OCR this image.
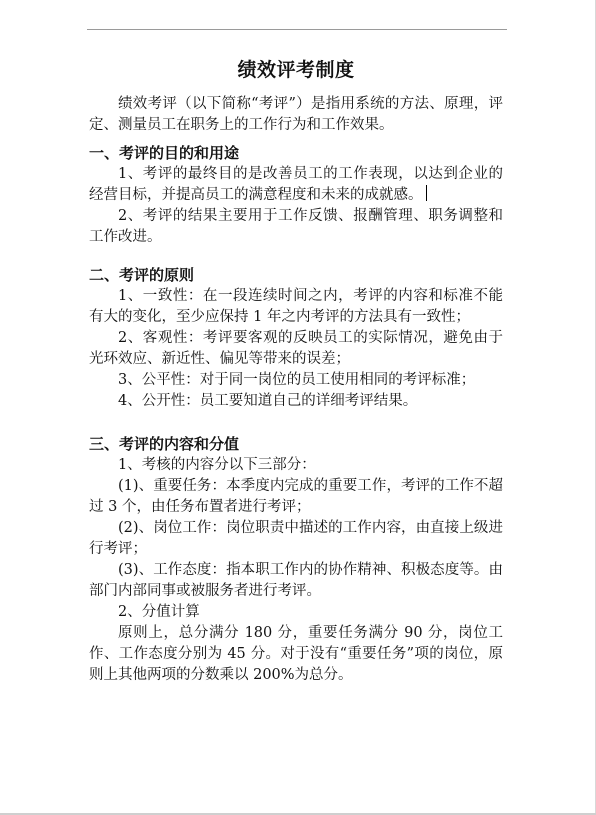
绩效评考制度

绩效考评（以下简称“考评”）是指用系统的方法、原理，评定、测量员工在职务上的工作行为和工作效果。

一、考评的目的和用途

1、考评的最终目的是改善员工的工作表现，以达到企业的经营目标，并提高员工的满意程度和未来的成就感。

2、考评的结果主要用于工作反馈、报酬管理、职务调整和工作改进。

二、考评的原则

1、一致性：在一段连续时间之内，考评的内容和标准不能有大的变化，至少应保持 1 年之内考评的方法具有一致性；

2、客观性：考评要客观的反映员工的实际情况，避免由于光环效应、新近性、偏见等带来的误差；

3、公平性：对于同一岗位的员工使用相同的考评标准；

4、公开性：员工要知道自己的详细考评结果。

三、考评的内容和分值

1、考核的内容分以下三部分：

(1)、重要任务：本季度内完成的重要工作，考评的工作不超过 3 个，由任务布置者进行考评；

(2)、岗位工作：岗位职责中描述的工作内容，由直接上级进行考评；

(3)、工作态度：指本职工作内的协作精神、积极态度等。由部门内部同事或被服务者进行考评。

2、分值计算

原则上，总分满分 180 分，重要任务满分 90 分，岗位工作、工作态度分别为 45 分。对于没有“重要任务”项的岗位，原则上其他两项的分数乘以 200%为总分。
